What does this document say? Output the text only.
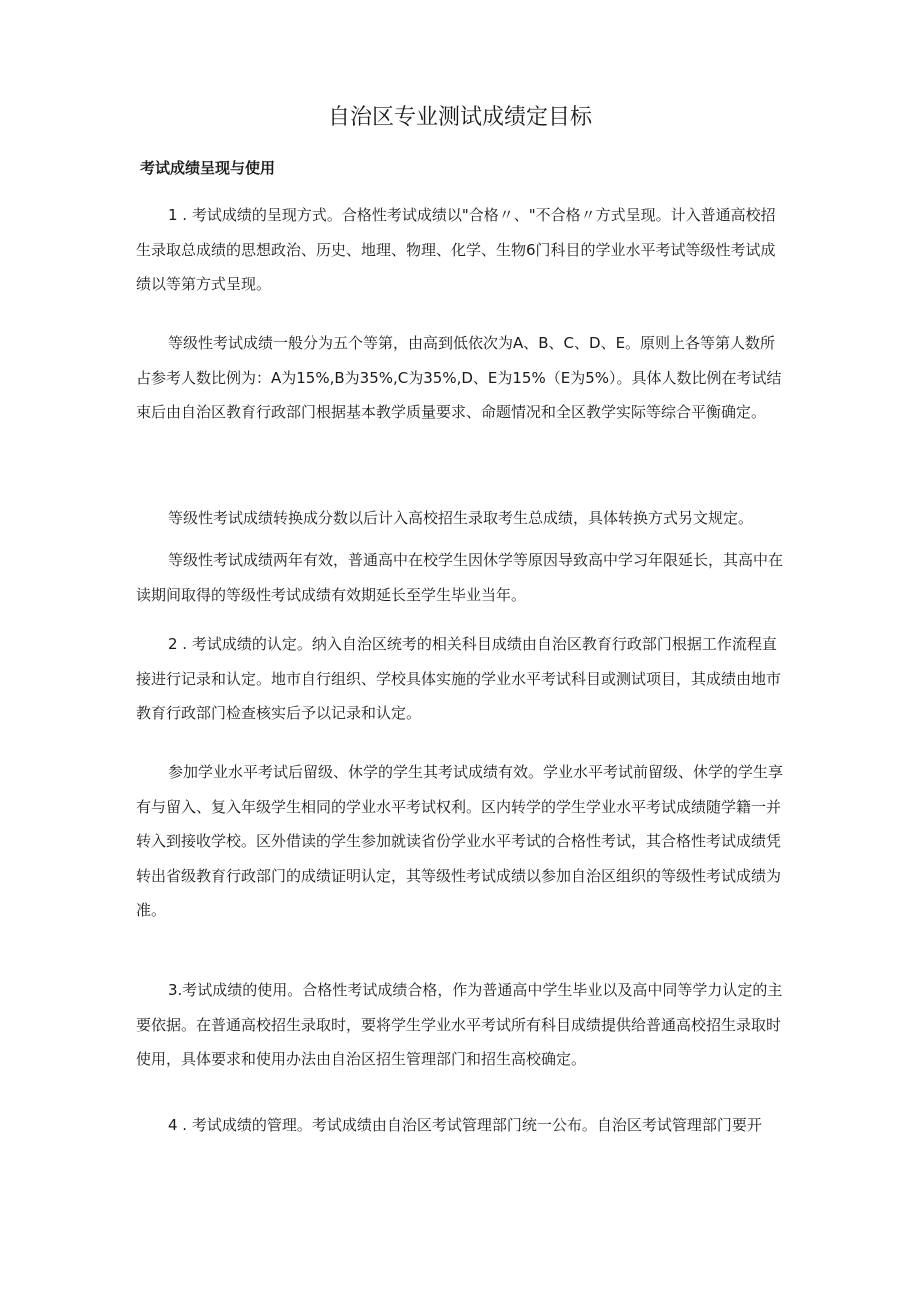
自治区专业测试成绩定目标
考试成绩呈现与使用

1 . 考试成绩的呈现方式。合格性考试成绩以"合格〃、"不合格〃方式呈现。计入普通高校招生录取总成绩的思想政治、历史、地理、物理、化学、生物6门科目的学业水平考试等级性考试成绩以等第方式呈现。

等级性考试成绩一般分为五个等第，由高到低依次为A、B、C、D、E。原则上各等第人数所占参考人数比例为：A为15%,B为35%,C为35%,D、E为15%（E为5%）。具体人数比例在考试结束后由自治区教育行政部门根据基本教学质量要求、命题情况和全区教学实际等综合平衡确定。

等级性考试成绩转换成分数以后计入高校招生录取考生总成绩，具体转换方式另文规定。

等级性考试成绩两年有效，普通高中在校学生因休学等原因导致高中学习年限延长，其高中在读期间取得的等级性考试成绩有效期延长至学生毕业当年。

2 . 考试成绩的认定。纳入自治区统考的相关科目成绩由自治区教育行政部门根据工作流程直接进行记录和认定。地市自行组织、学校具体实施的学业水平考试科目或测试项目，其成绩由地市教育行政部门检查核实后予以记录和认定。

参加学业水平考试后留级、休学的学生其考试成绩有效。学业水平考试前留级、休学的学生享有与留入、复入年级学生相同的学业水平考试权利。区内转学的学生学业水平考试成绩随学籍一并转入到接收学校。区外借读的学生参加就读省份学业水平考试的合格性考试，其合格性考试成绩凭转出省级教育行政部门的成绩证明认定，其等级性考试成绩以参加自治区组织的等级性考试成绩为准。

3.考试成绩的使用。合格性考试成绩合格，作为普通高中学生毕业以及高中同等学力认定的主要依据。在普通高校招生录取时，要将学生学业水平考试所有科目成绩提供给普通高校招生录取时使用，具体要求和使用办法由自治区招生管理部门和招生高校确定。

4 . 考试成绩的管理。考试成绩由自治区考试管理部门统一公布。自治区考试管理部门要开
